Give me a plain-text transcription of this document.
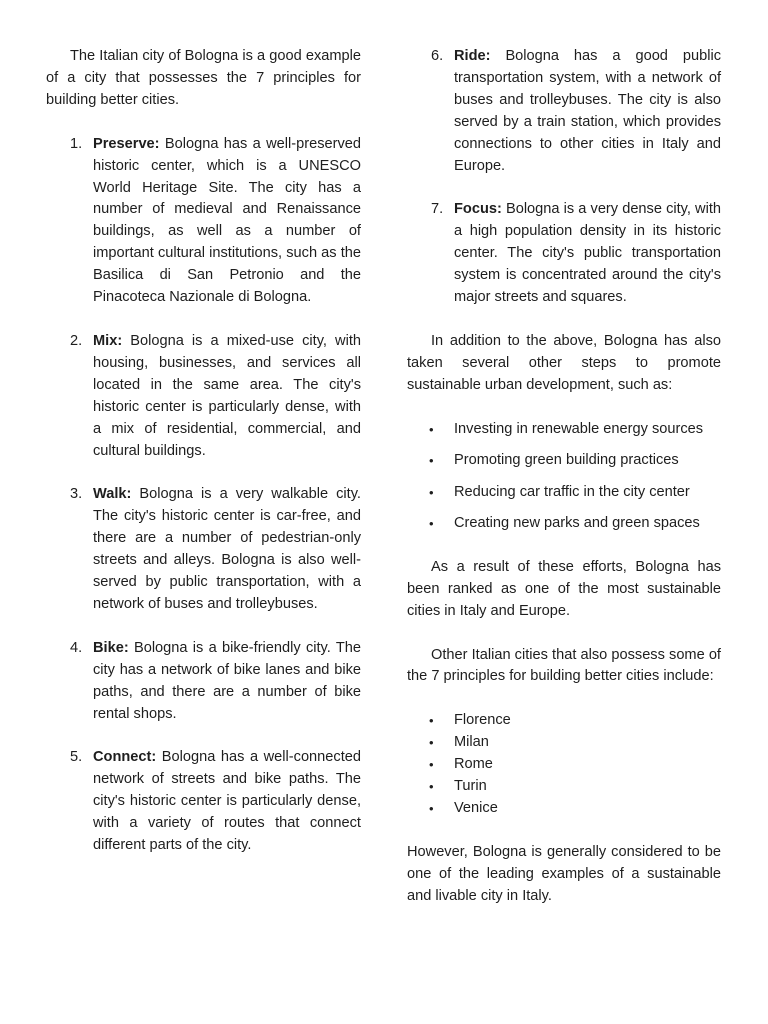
The Italian city of Bologna is a good example of a city that possesses the 7 principles for building better cities.

1. Preserve: Bologna has a well-preserved historic center, which is a UNESCO World Heritage Site. The city has a number of medieval and Renaissance buildings, as well as a number of important cultural institutions, such as the Basilica di San Petronio and the Pinacoteca Nazionale di Bologna.
2. Mix: Bologna is a mixed-use city, with housing, businesses, and services all located in the same area. The city's historic center is particularly dense, with a mix of residential, commercial, and cultural buildings.
3. Walk: Bologna is a very walkable city. The city's historic center is car-free, and there are a number of pedestrian-only streets and alleys. Bologna is also well-served by public transportation, with a network of buses and trolleybuses.
4. Bike: Bologna is a bike-friendly city. The city has a network of bike lanes and bike paths, and there are a number of bike rental shops.
5. Connect: Bologna has a well-connected network of streets and bike paths. The city's historic center is particularly dense, with a variety of routes that connect different parts of the city.
6. Ride: Bologna has a good public transportation system, with a network of buses and trolleybuses. The city is also served by a train station, which provides connections to other cities in Italy and Europe.
7. Focus: Bologna is a very dense city, with a high population density in its historic center. The city's public transportation system is concentrated around the city's major streets and squares.

In addition to the above, Bologna has also taken several other steps to promote sustainable urban development, such as:

• Investing in renewable energy sources
• Promoting green building practices
• Reducing car traffic in the city center
• Creating new parks and green spaces

As a result of these efforts, Bologna has been ranked as one of the most sustainable cities in Italy and Europe.

Other Italian cities that also possess some of the 7 principles for building better cities include:

• Florence
• Milan
• Rome
• Turin
• Venice

However, Bologna is generally considered to be one of the leading examples of a sustainable and livable city in Italy.
